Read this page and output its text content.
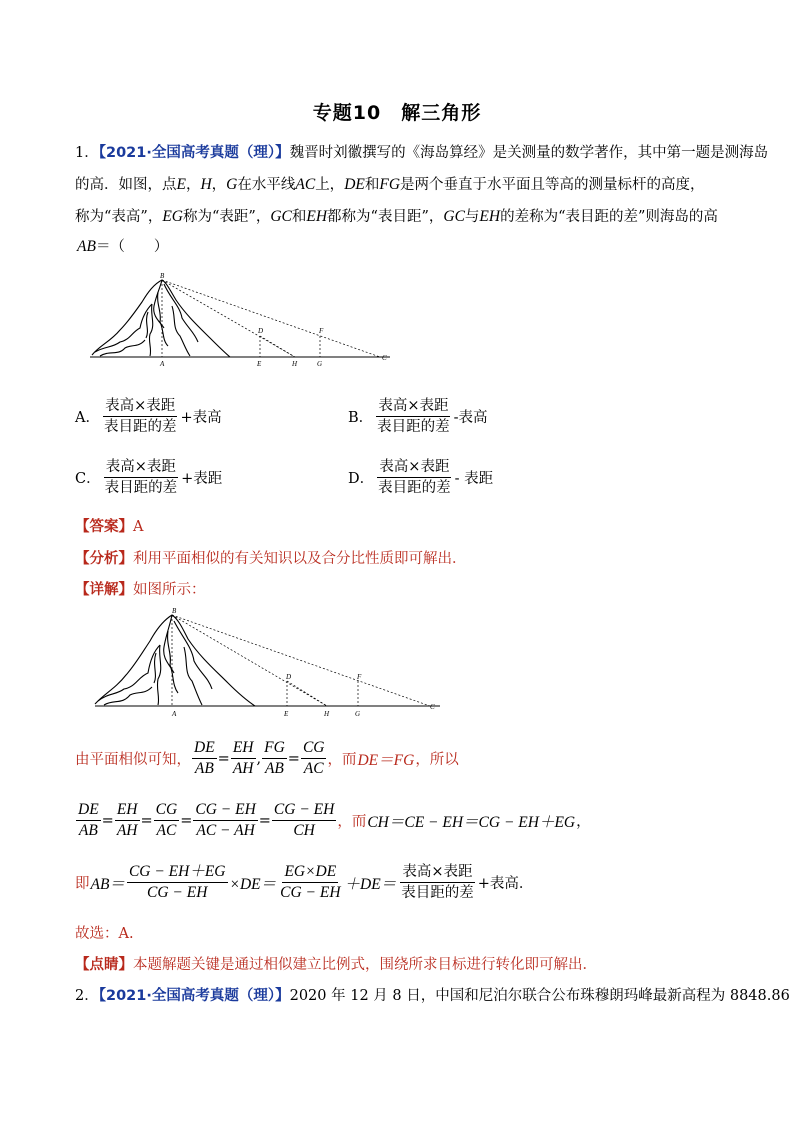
专题10　解三角形
1．【2021·全国高考真题（理）】魏晋时刘徽撰写的《海岛算经》是关测量的数学著作，其中第一题是测海岛
的高．如图，点E，H，G在水平线AC上，DE和FG是两个垂直于水平面且等高的测量标杆的高度，
称为“表高”，EG称为“表距”，GC和EH都称为“表目距”，GC与EH的差称为“表目距的差”则海岛的高
AB＝（　　）
B
D	F
A	E	H	G
C
A． $\frac{\text{表高×表距}}{\text{表目距的差}}$ +表高	B． $\frac{\text{表高×表距}}{\text{表目距的差}}$ -表高
C． $\frac{\text{表高×表距}}{\text{表目距的差}}$ +表距	D． $\frac{\text{表高×表距}}{\text{表目距的差}}$ - 表距
【答案】A
【分析】利用平面相似的有关知识以及合分比性质即可解出．
【详解】如图所示：
B
D	F
A	E	H	G
C
由平面相似可知， $\frac{DE}{AB} = \frac{EH}{AH}$ , $\frac{FG}{AB} = \frac{CG}{AC}$ ，而 DE＝FG ，所以
$\frac{DE}{AB} = \frac{EH}{AH} = \frac{CG}{AC} = \frac{CG - EH}{AC - AH} = \frac{CG - EH}{CH}$ ，而 CH＝CE − EH＝CG − EH＋EG ，
即 $AB= \frac{CG - EH+EG}{CG - EH} \times DE= \frac{EG\times DE}{CG - EH} +DE= \frac{\text{表高×表距}}{\text{表目距的差}}$ +表高．
故选：A.
【点睛】本题解题关键是通过相似建立比例式，围绕所求目标进行转化即可解出．
2．【2021·全国高考真题（理）】2020 年 12 月 8 日，中国和尼泊尔联合公布珠穆朗玛峰最新高程为 8848.86
